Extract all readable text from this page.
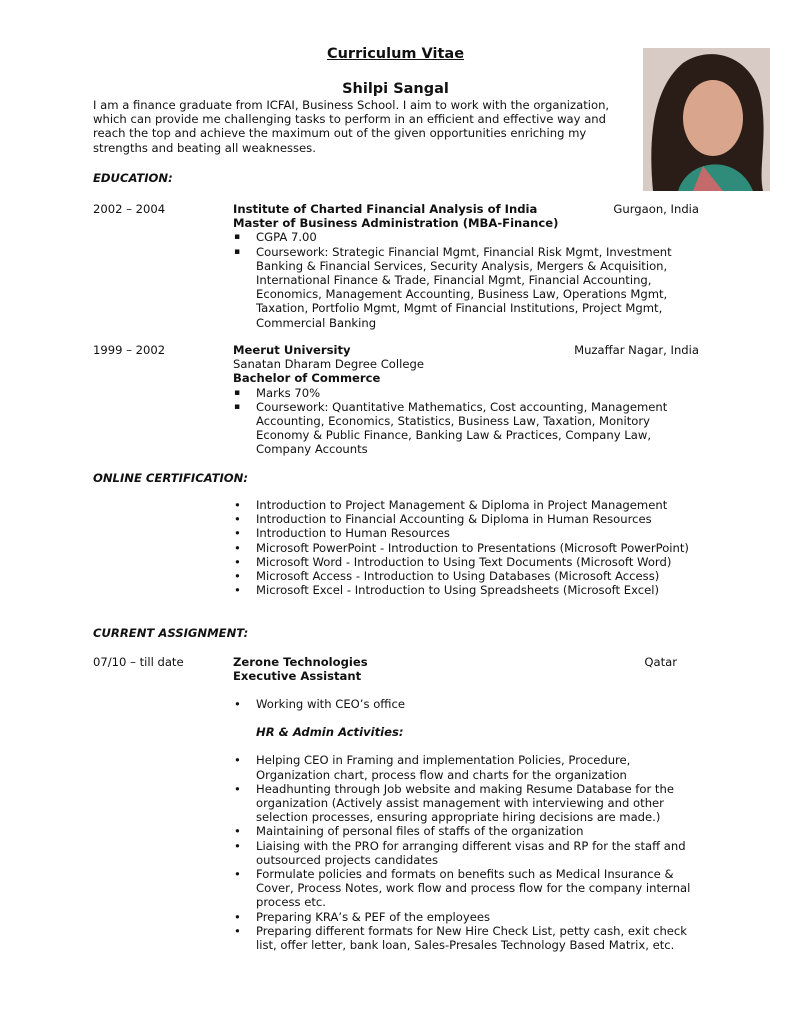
Curriculum Vitae
Shilpi Sangal
I am a finance graduate from ICFAI, Business School. I aim to work with the organization, which can provide me challenging tasks to perform in an efficient and effective way and reach the top and achieve the maximum out of the given opportunities enriching my strengths and beating all weaknesses.
EDUCATION:
2002 – 2004	Gurgaon, India
Institute of Charted Financial Analysis of India
Master of Business Administration (MBA-Finance)
▪ CGPA 7.00
▪ Coursework: Strategic Financial Mgmt, Financial Risk Mgmt, Investment Banking & Financial Services, Security Analysis, Mergers & Acquisition, International Finance & Trade, Financial Mgmt, Financial Accounting, Economics, Management Accounting, Business Law, Operations Mgmt, Taxation, Portfolio Mgmt, Mgmt of Financial Institutions, Project Mgmt, Commercial Banking
1999 – 2002	Muzaffar Nagar, India
Meerut University
Sanatan Dharam Degree College
Bachelor of Commerce
▪ Marks 70%
▪ Coursework: Quantitative Mathematics, Cost accounting, Management Accounting, Economics, Statistics, Business Law, Taxation, Monitory Economy & Public Finance, Banking Law & Practices, Company Law, Company Accounts
ONLINE CERTIFICATION:
• Introduction to Project Management & Diploma in Project Management
• Introduction to Financial Accounting & Diploma in Human Resources
• Introduction to Human Resources
• Microsoft PowerPoint - Introduction to Presentations (Microsoft PowerPoint)
• Microsoft Word - Introduction to Using Text Documents (Microsoft Word)
• Microsoft Access - Introduction to Using Databases (Microsoft Access)
• Microsoft Excel - Introduction to Using Spreadsheets (Microsoft Excel)
CURRENT ASSIGNMENT:
07/10 – till date	Qatar
Zerone Technologies
Executive Assistant
• Working with CEO’s office
HR & Admin Activities:
• Helping CEO in Framing and implementation Policies, Procedure, Organization chart, process flow and charts for the organization
• Headhunting through Job website and making Resume Database for the organization (Actively assist management with interviewing and other selection processes, ensuring appropriate hiring decisions are made.)
• Maintaining of personal files of staffs of the organization
• Liaising with the PRO for arranging different visas and RP for the staff and outsourced projects candidates
• Formulate policies and formats on benefits such as Medical Insurance & Cover, Process Notes, work flow and process flow for the company internal process etc.
• Preparing KRA’s & PEF of the employees
• Preparing different formats for New Hire Check List, petty cash, exit check list, offer letter, bank loan, Sales-Presales Technology Based Matrix, etc.
